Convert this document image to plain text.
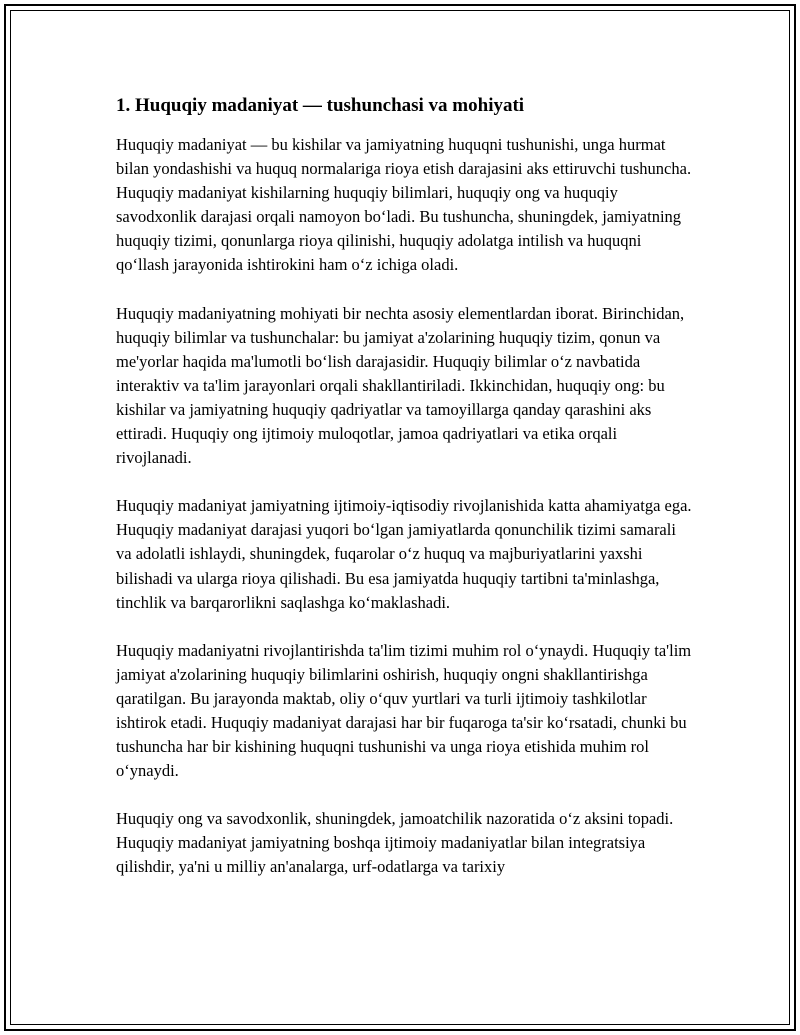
1. Huquqiy madaniyat — tushunchasi va mohiyati

Huquqiy madaniyat — bu kishilar va jamiyatning huquqni tushunishi, unga hurmat bilan yondashishi va huquq normalariga rioya etish darajasini aks ettiruvchi tushuncha. Huquqiy madaniyat kishilarning huquqiy bilimlari, huquqiy ong va huquqiy savodxonlik darajasi orqali namoyon boʻladi. Bu tushuncha, shuningdek, jamiyatning huquqiy tizimi, qonunlarga rioya qilinishi, huquqiy adolatga intilish va huquqni qoʻllash jarayonida ishtirokini ham oʻz ichiga oladi.

Huquqiy madaniyatning mohiyati bir nechta asosiy elementlardan iborat. Birinchidan, huquqiy bilimlar va tushunchalar: bu jamiyat a'zolarining huquqiy tizim, qonun va me'yorlar haqida ma'lumotli boʻlish darajasidir. Huquqiy bilimlar oʻz navbatida interaktiv va ta'lim jarayonlari orqali shakllantiriladi. Ikkinchidan, huquqiy ong: bu kishilar va jamiyatning huquqiy qadriyatlar va tamoyillarga qanday qarashini aks ettiradi. Huquqiy ong ijtimoiy muloqotlar, jamoa qadriyatlari va etika orqali rivojlanadi.

Huquqiy madaniyat jamiyatning ijtimoiy-iqtisodiy rivojlanishida katta ahamiyatga ega. Huquqiy madaniyat darajasi yuqori boʻlgan jamiyatlarda qonunchilik tizimi samarali va adolatli ishlaydi, shuningdek, fuqarolar oʻz huquq va majburiyatlarini yaxshi bilishadi va ularga rioya qilishadi. Bu esa jamiyatda huquqiy tartibni ta'minlashga, tinchlik va barqarorlikni saqlashga koʻmaklashadi.

Huquqiy madaniyatni rivojlantirishda ta'lim tizimi muhim rol oʻynaydi. Huquqiy ta'lim jamiyat a'zolarining huquqiy bilimlarini oshirish, huquqiy ongni shakllantirishga qaratilgan. Bu jarayonda maktab, oliy oʻquv yurtlari va turli ijtimoiy tashkilotlar ishtirok etadi. Huquqiy madaniyat darajasi har bir fuqaroga ta'sir koʻrsatadi, chunki bu tushuncha har bir kishining huquqni tushunishi va unga rioya etishida muhim rol oʻynaydi.

Huquqiy ong va savodxonlik, shuningdek, jamoatchilik nazoratida oʻz aksini topadi. Huquqiy madaniyat jamiyatning boshqa ijtimoiy madaniyatlar bilan integratsiya qilishdir, ya'ni u milliy an'analarga, urf-odatlarga va tarixiy
